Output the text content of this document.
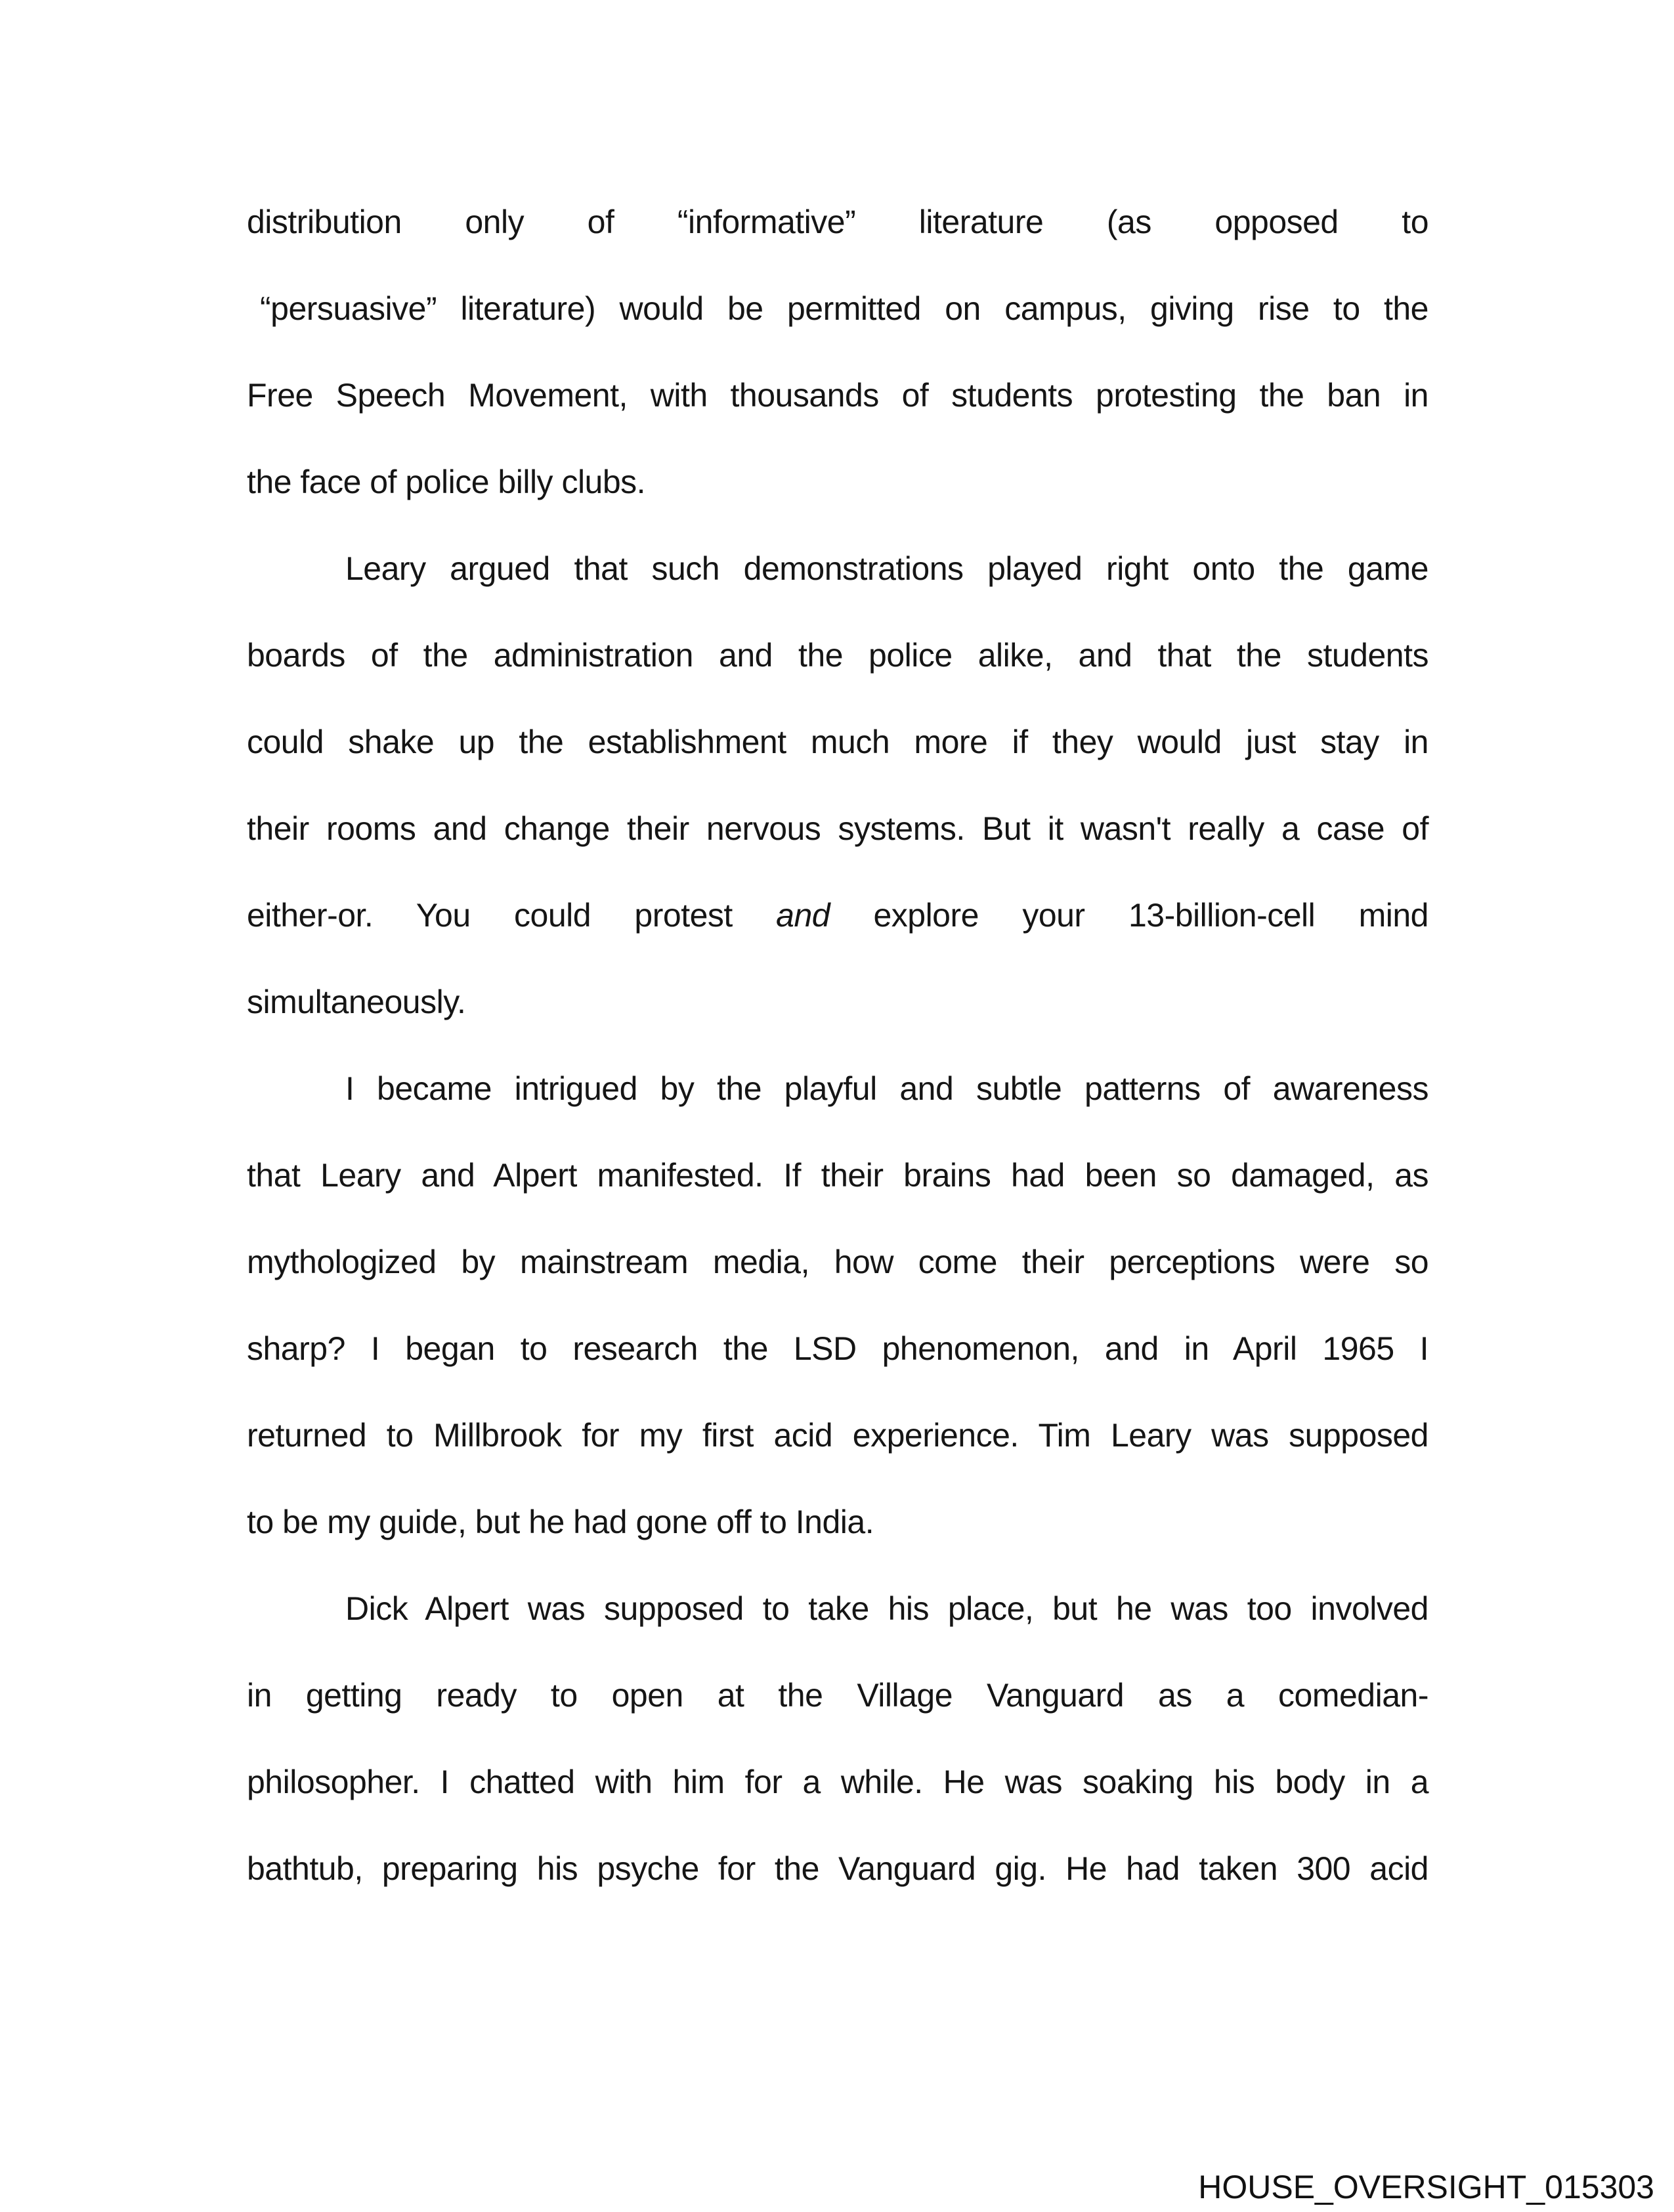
distribution only of “informative” literature (as opposed to
“persuasive” literature) would be permitted on campus, giving rise to the
Free Speech Movement, with thousands of students protesting the ban in
the face of police billy clubs.
Leary argued that such demonstrations played right onto the game
boards of the administration and the police alike, and that the students
could shake up the establishment much more if they would just stay in
their rooms and change their nervous systems. But it wasn't really a case of
either-or. You could protest and explore your 13-billion-cell mind
simultaneously.
I became intrigued by the playful and subtle patterns of awareness
that Leary and Alpert manifested. If their brains had been so damaged, as
mythologized by mainstream media, how come their perceptions were so
sharp? I began to research the LSD phenomenon, and in April 1965 I
returned to Millbrook for my first acid experience. Tim Leary was supposed
to be my guide, but he had gone off to India.
Dick Alpert was supposed to take his place, but he was too involved
in getting ready to open at the Village Vanguard as a comedian-
philosopher. I chatted with him for a while. He was soaking his body in a
bathtub, preparing his psyche for the Vanguard gig. He had taken 300 acid
HOUSE_OVERSIGHT_015303
